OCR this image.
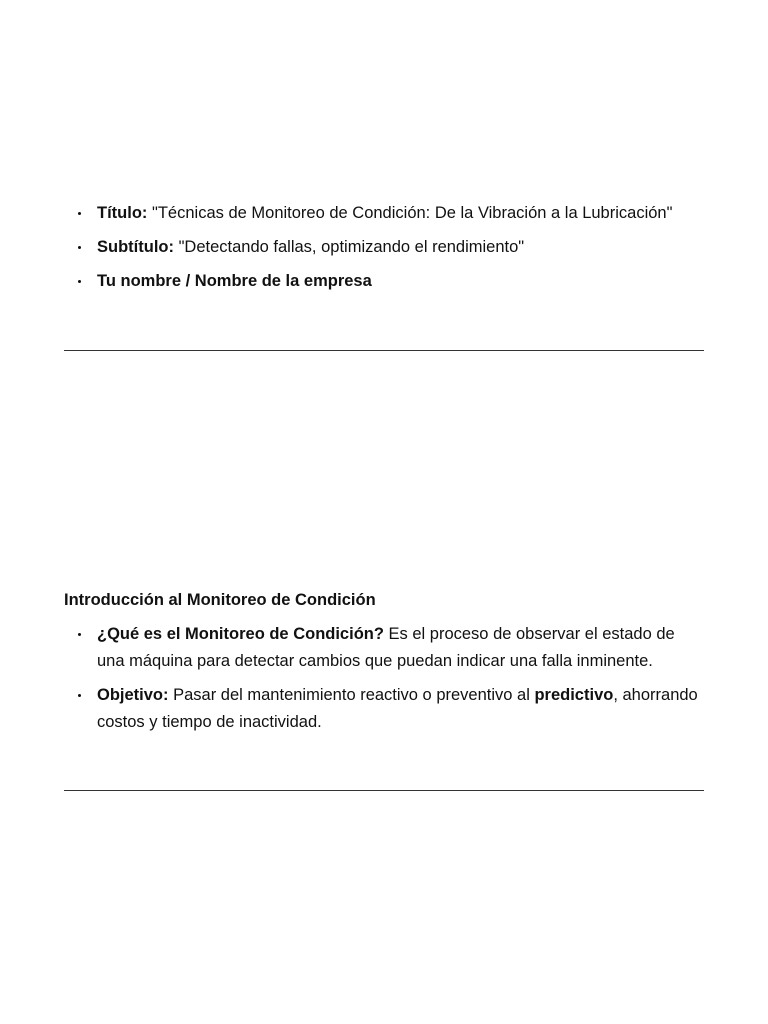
Título: "Técnicas de Monitoreo de Condición: De la Vibración a la Lubricación"
Subtítulo: "Detectando fallas, optimizando el rendimiento"
Tu nombre / Nombre de la empresa
Introducción al Monitoreo de Condición
¿Qué es el Monitoreo de Condición? Es el proceso de observar el estado de una máquina para detectar cambios que puedan indicar una falla inminente.
Objetivo: Pasar del mantenimiento reactivo o preventivo al predictivo, ahorrando costos y tiempo de inactividad.
